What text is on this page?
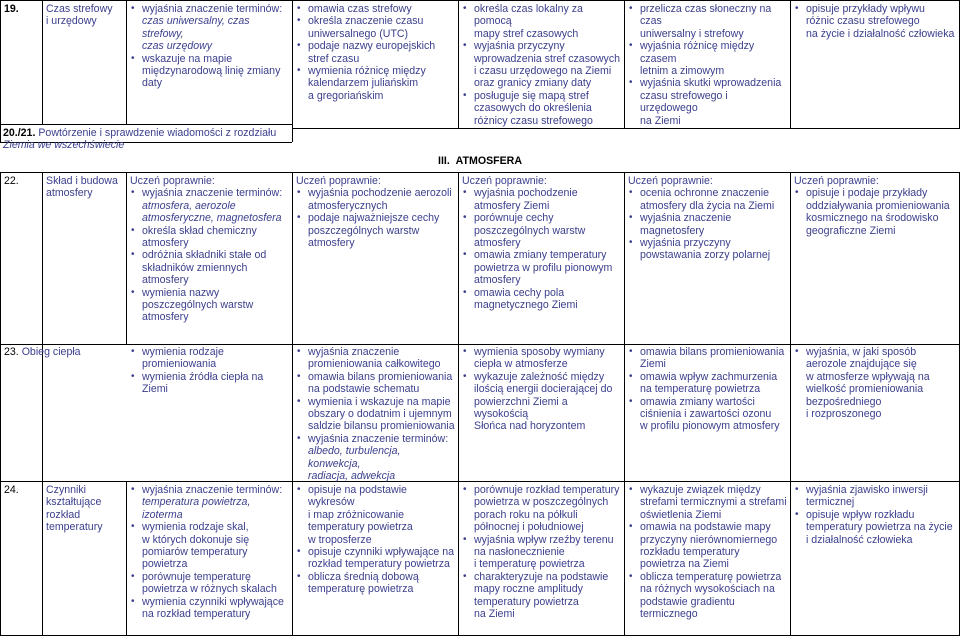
19.	Czas strefowy
i urzędowy
• wyjaśnia znaczenie terminów:
czas uniwersalny, czas strefowy,
czas urzędowy
• wskazuje na mapie
międzynarodową linię zmiany
daty
• omawia czas strefowy
• określa znaczenie czasu
uniwersalnego (UTC)
• podaje nazwy europejskich
stref czasu
• wymienia różnicę między
kalendarzem juliańskim
a gregoriańskim
• określa czas lokalny za pomocą
mapy stref czasowych
• wyjaśnia przyczyny
wprowadzenia stref czasowych
i czasu urzędowego na Ziemi
oraz granicy zmiany daty
• posługuje się mapą stref
czasowych do określenia
różnicy czasu strefowego
• przelicza czas słoneczny na czas
uniwersalny i strefowy
• wyjaśnia różnicę między czasem
letnim a zimowym
• wyjaśnia skutki wprowadzenia
czasu strefowego i urzędowego
na Ziemi
• opisuje przykłady wpływu
różnic czasu strefowego
na życie i działalność człowieka
20./21. Powtórzenie i sprawdzenie wiadomości z rozdziału Ziemia we wszechświecie
III. ATMOSFERA
22.	Skład i budowa
atmosfery
Uczeń poprawnie:
• wyjaśnia znaczenie terminów:
atmosfera, aerozole
atmosferyczne, magnetosfera
• określa skład chemiczny
atmosfery
• odróżnia składniki stałe od
składników zmiennych
atmosfery
• wymienia nazwy
poszczególnych warstw
atmosfery
Uczeń poprawnie:
• wyjaśnia pochodzenie aerozoli
atmosferycznych
• podaje najważniejsze cechy
poszczególnych warstw
atmosfery
Uczeń poprawnie:
• wyjaśnia pochodzenie
atmosfery Ziemi
• porównuje cechy
poszczególnych warstw
atmosfery
• omawia zmiany temperatury
powietrza w profilu pionowym
atmosfery
• omawia cechy pola
magnetycznego Ziemi
Uczeń poprawnie:
• ocenia ochronne znaczenie
atmosfery dla życia na Ziemi
• wyjaśnia znaczenie
magnetosfery
• wyjaśnia przyczyny
powstawania zorzy polarnej
Uczeń poprawnie:
• opisuje i podaje przykłady
oddziaływania promieniowania
kosmicznego na środowisko
geograficzne Ziemi
23. Obieg ciepła
•	wymienia rodzaje
promieniowania
• wymienia źródła ciepła na Ziemi
• wyjaśnia znaczenie
promieniowania całkowitego
• omawia bilans promieniowania
na podstawie schematu
• wymienia i wskazuje na mapie
obszary o dodatnim i ujemnym
saldzie bilansu promieniowania
• wyjaśnia znaczenie terminów:
albedo, turbulencja, konwekcja,
radiacja, adwekcja
• wymienia sposoby wymiany
ciepła w atmosferze
• wykazuje zależność między
ilością energii docierającej do
powierzchni Ziemi a wysokością
Słońca nad horyzontem
• omawia bilans promieniowania
Ziemi
• omawia wpływ zachmurzenia
na temperaturę powietrza
• omawia zmiany wartości
ciśnienia i zawartości ozonu
w profilu pionowym atmosfery
• wyjaśnia, w jaki sposób
aerozole znajdujące się
w atmosferze wpływają na
wielkość promieniowania
bezpośredniego
i rozproszonego
24.	Czynniki
kształtujące
rozkład
temperatury
• wyjaśnia znaczenie terminów:
temperatura powietrza,
izoterma
• wymienia rodzaje skal,
w których dokonuje się
pomiarów temperatury
powietrza
• porównuje temperaturę
powietrza w różnych skalach
• wymienia czynniki wpływające
na rozkład temperatury
• opisuje na podstawie wykresów
i map zróżnicowanie
temperatury powietrza
w troposferze
• opisuje czynniki wpływające na
rozkład temperatury powietrza
• oblicza średnią dobową
temperaturę powietrza
• porównuje rozkład temperatury
powietrza w poszczególnych
porach roku na półkuli
północnej i południowej
• wyjaśnia wpływ rzeźby terenu
na nasłonecznienie
i temperaturę powietrza
• charakteryzuje na podstawie
mapy roczne amplitudy
temperatury powietrza
na Ziemi
• wykazuje związek między
strefami termicznymi a strefami
oświetlenia Ziemi
• omawia na podstawie mapy
przyczyny nierównomiernego
rozkładu temperatury
powietrza na Ziemi
• oblicza temperaturę powietrza
na różnych wysokościach na
podstawie gradientu
termicznego
• wyjaśnia zjawisko inwersji
termicznej
• opisuje wpływ rozkładu
temperatury powietrza na życie
i działalność człowieka
